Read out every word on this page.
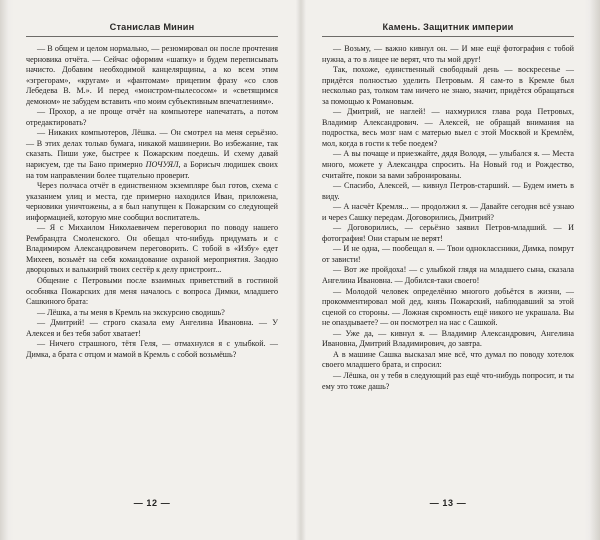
Станислав Минин

— В общем и целом нормально, — резюмировал он после прочтения черновика отчёта. — Сейчас оформим «шапку» и будем переписывать начисто. Добавим необходимой канцелярщины, а ко всем этим «эгрегорам», «кругам» и «фантомам» прицепим фразу «со слов Лебедева В. М.». И перед «монстром-пылесосом» и «светящимся демоном» не забудем вставить «по моим субъективным впечатлениям».

— Прохор, а не проще отчёт на компьютере напечатать, а потом отредактировать?

— Никаких компьютеров, Лёшка. — Он смотрел на меня серьёзно. — В этих делах только бумага, никакой машинерии. Во избежание, так сказать. Пиши уже, быстрее к Пожарским поедешь. И схему давай нарисуем, где ты Бано примерно ПОЧУЯЛ, а Борисыч людишек своих на том направлении более тщательно проверит.

Через полчаса отчёт в единственном экземпляре был готов, схема с указанием улиц и места, где примерно находился Иван, приложена, черновики уничтожены, а я был напутщен к Пожарским со следующей информацией, которую мне сообщил воспитатель.

— Я с Михаилом Николаевичем переговорил по поводу нашего Рембрандта Смоленского. Он обещал что-нибудь придумать и с Владимиром Александровичем переговорить. С тобой в «Избу» едет Михеев, возьмёт на себя командование охраной мероприятия. Заодно дворцовых и валькирий твоих сестёр к делу пристроит...

Общение с Петровыми после взаимных приветствий в гостиной особняка Пожарских для меня началось с вопроса Димки, младшего Сашкиного брата:

— Лёшка, а ты меня в Кремль на экскурсию сводишь?

— Дмитрий! — строго сказала ему Ангелина Ивановна. — У Алексея и без тебя забот хватает!

— Ничего страшного, тётя Геля, — отмахнулся я с улыбкой. — Димка, а брата с отцом и мамой в Кремль с собой возьмёшь?

— 12 —
Камень. Защитник империи

— Возьму, — важно кивнул он. — И мне ещё фотография с тобой нужна, а то в лицее не верят, что ты мой друг!

Так, похоже, единственный свободный день — воскресенье — придётся полностью уделить Петровым. Я сам-то в Кремле был несколько раз, толком там ничего не знаю, значит, придётся обращаться за помощью к Романовым.

— Дмитрий, не наглей! — нахмурился глава рода Петровых, Владимир Александрович. — Алексей, не обращай внимания на подростка, весь мозг нам с матерью выел с этой Москвой и Кремлём, мол, когда в гости к тебе поедем?

— А вы почаще и приезжайте, дядя Володя, — улыбался я. — Места много, можете у Александра спросить. На Новый год и Рождество, считайте, покои за вами забронированы.

— Спасибо, Алексей, — кивнул Петров-старший. — Будем иметь в виду.

— А насчёт Кремля... — продолжил я. — Давайте сегодня всё узнаю и через Сашку передам. Договорились, Дмитрий?

— Договорились, — серьёзно заявил Петров-младший. — И фотография! Они старым не верят!

— И не одна, — пообещал я. — Твои одноклассники, Димка, помрут от зависти!

— Вот же пройдоха! — с улыбкой глядя на младшего сына, сказала Ангелина Ивановна. — Добился-таки своего!

— Молодой человек определённо многого добьётся в жизни, — прокомментировал мой дед, князь Пожарский, наблюдавший за этой сценой со стороны. — Ложная скромность ещё никого не украшала. Вы не опаздываете? — он посмотрел на нас с Сашкой.

— Уже да, — кивнул я. — Владимир Александрович, Ангелина Ивановна, Дмитрий Владимирович, до завтра.

А в машине Сашка высказал мне всё, что думал по поводу хотелок своего младшего брата, и спросил:

— Лёшка, он у тебя в следующий раз ещё что-нибудь попросит, и ты ему это тоже дашь?

— 13 —
